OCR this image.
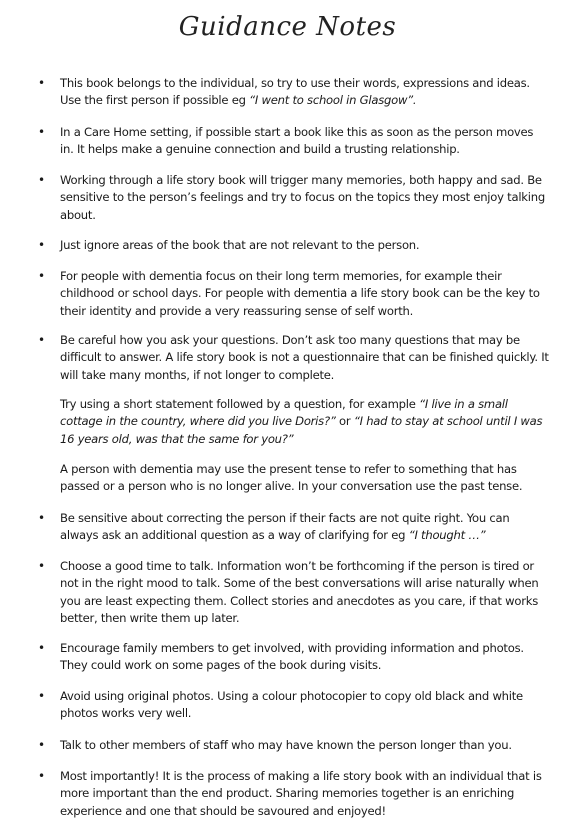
Guidance Notes
• This book belongs to the individual, so try to use their words, expressions and ideas. Use the first person if possible eg “I went to school in Glasgow”.

• In a Care Home setting, if possible start a book like this as soon as the person moves in. It helps make a genuine connection and build a trusting relationship.

• Working through a life story book will trigger many memories, both happy and sad. Be sensitive to the person’s feelings and try to focus on the topics they most enjoy talking about.

• Just ignore areas of the book that are not relevant to the person.

• For people with dementia focus on their long term memories, for example their childhood or school days. For people with dementia a life story book can be the key to their identity and provide a very reassuring sense of self worth.

• Be careful how you ask your questions. Don’t ask too many questions that may be difficult to answer. A life story book is not a questionnaire that can be finished quickly. It will take many months, if not longer to complete.

Try using a short statement followed by a question, for example “I live in a small cottage in the country, where did you live Doris?” or “I had to stay at school until I was 16 years old, was that the same for you?”

A person with dementia may use the present tense to refer to something that has passed or a person who is no longer alive. In your conversation use the past tense.

• Be sensitive about correcting the person if their facts are not quite right. You can always ask an additional question as a way of clarifying for eg “I thought …”

• Choose a good time to talk. Information won’t be forthcoming if the person is tired or not in the right mood to talk. Some of the best conversations will arise naturally when you are least expecting them. Collect stories and anecdotes as you care, if that works better, then write them up later.

• Encourage family members to get involved, with providing information and photos. They could work on some pages of the book during visits.

• Avoid using original photos. Using a colour photocopier to copy old black and white photos works very well.

• Talk to other members of staff who may have known the person longer than you.

• Most importantly! It is the process of making a life story book with an individual that is more important than the end product. Sharing memories together is an enriching experience and one that should be savoured and enjoyed!
